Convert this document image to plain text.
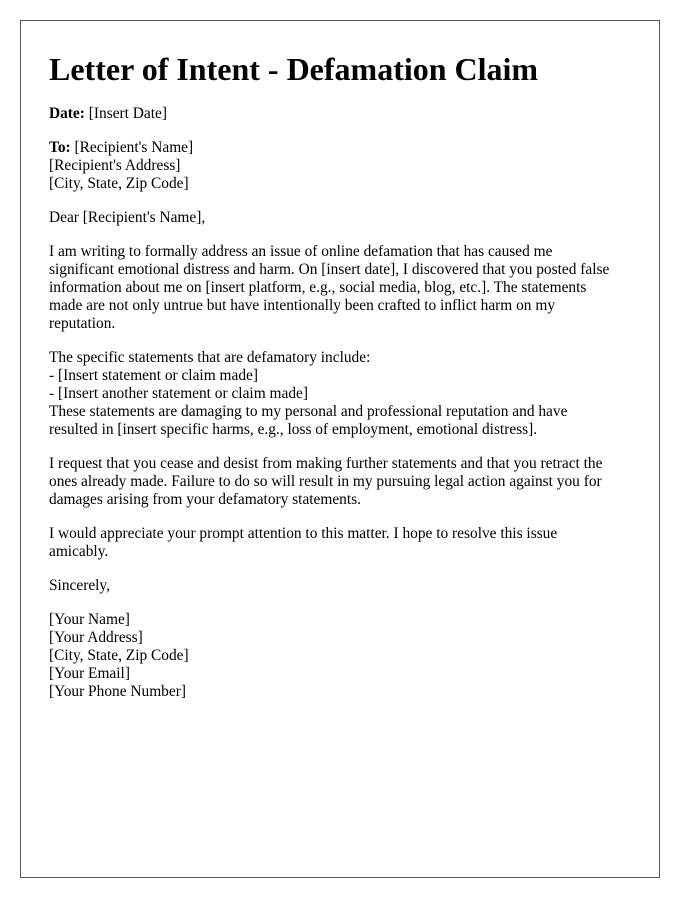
Letter of Intent - Defamation Claim
Date: [Insert Date]
To: [Recipient's Name]
[Recipient's Address]
[City, State, Zip Code]
Dear [Recipient's Name],
I am writing to formally address an issue of online defamation that has caused me
significant emotional distress and harm. On [insert date], I discovered that you posted false
information about me on [insert platform, e.g., social media, blog, etc.]. The statements
made are not only untrue but have intentionally been crafted to inflict harm on my
reputation.
The specific statements that are defamatory include:
- [Insert statement or claim made]
- [Insert another statement or claim made]
These statements are damaging to my personal and professional reputation and have
resulted in [insert specific harms, e.g., loss of employment, emotional distress].
I request that you cease and desist from making further statements and that you retract the
ones already made. Failure to do so will result in my pursuing legal action against you for
damages arising from your defamatory statements.
I would appreciate your prompt attention to this matter. I hope to resolve this issue
amicably.
Sincerely,
[Your Name]
[Your Address]
[City, State, Zip Code]
[Your Email]
[Your Phone Number]
